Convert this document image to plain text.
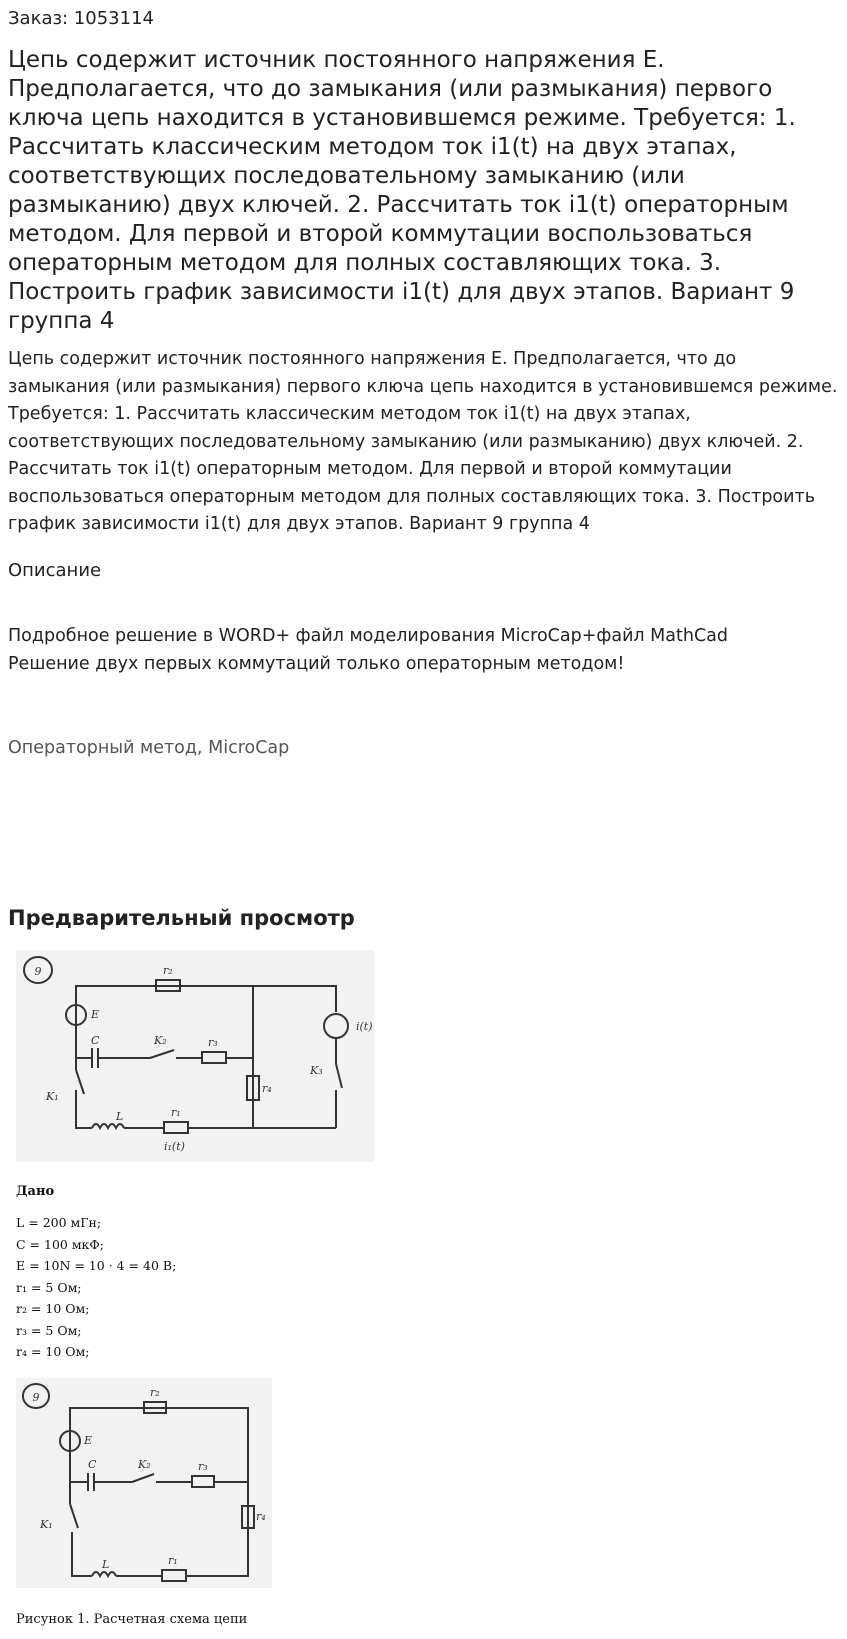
Заказ: 1053114
Цепь содержит источник постоянного напряжения Е. Предполагается, что до замыкания (или размыкания) первого ключа цепь находится в установившемся режиме. Требуется: 1. Рассчитать классическим методом ток i1(t) на двух этапах, соответствующих последовательному замыканию (или размыканию) двух ключей. 2. Рассчитать ток i1(t) операторным методом. Для первой и второй коммутации воспользоваться операторным методом для полных составляющих тока. 3. Построить график зависимости i1(t) для двух этапов. Вариант 9 группа 4

Цепь содержит источник постоянного напряжения Е. Предполагается, что до замыкания (или размыкания) первого ключа цепь находится в установившемся режиме. Требуется: 1. Рассчитать классическим методом ток i1(t) на двух этапах, соответствующих последовательному замыканию (или размыканию) двух ключей. 2. Рассчитать ток i1(t) операторным методом. Для первой и второй коммутации воспользоваться операторным методом для полных составляющих тока. 3. Построить график зависимости i1(t) для двух этапов. Вариант 9 группа 4

Описание
Подробное решение в WORD+ файл моделирования MicroCap+файл MathCad
Решение двух первых коммутаций только операторным методом!
Операторный метод, MicroCap
Предварительный просмотр
9
E
r₂
C	K₂	r₃
r₄
K₁
L	r₁
i₁(t)
i(t)
K₃
Дано
L = 200 мГн;
C = 100 мкФ;
E = 10N = 10 · 4 = 40 В;
r₁ = 5 Ом;
r₂ = 10 Ом;
r₃ = 5 Ом;
r₄ = 10 Ом;
9
E
r₂
C	K₂	r₃
r₄
K₁
L	r₁
Рисунок 1. Расчетная схема цепи
